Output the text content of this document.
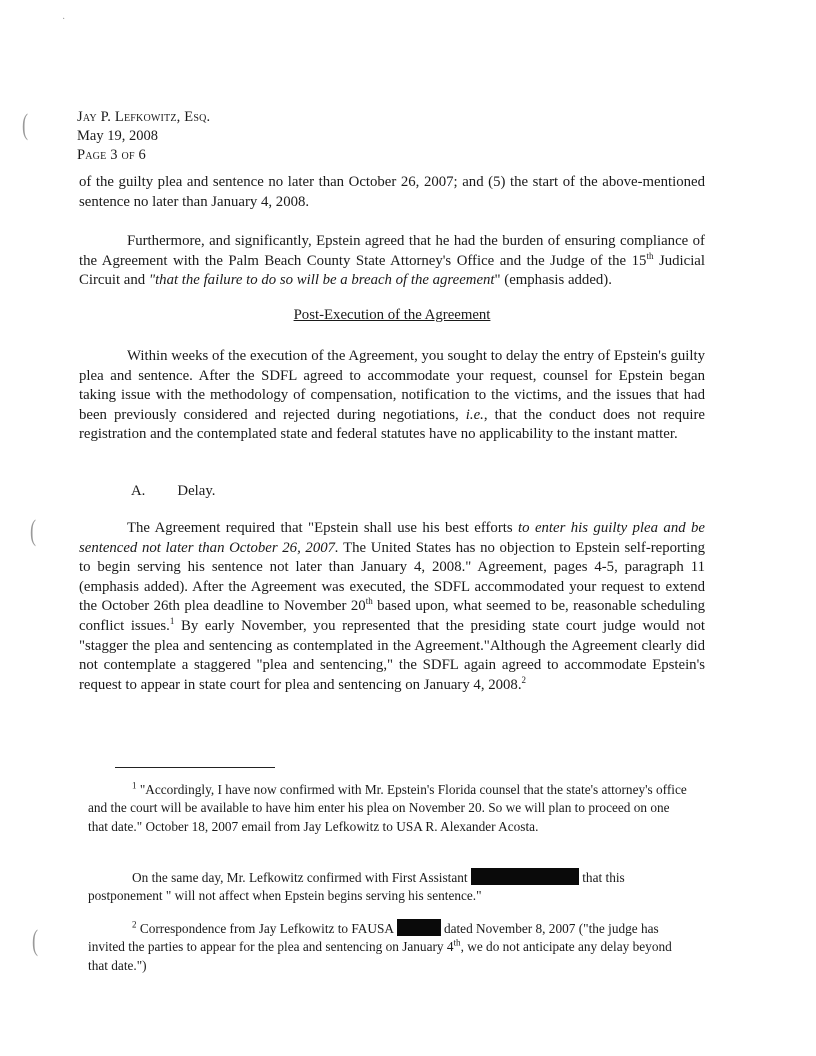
·
(
(
(
Jay P. Lefkowitz, Esq.
May 19, 2008
Page 3 of 6

of the guilty plea and sentence no later than October 26, 2007; and (5) the start of the above-mentioned sentence no later than January 4, 2008.

Furthermore, and significantly, Epstein agreed that he had the burden of ensuring compliance of the Agreement with the Palm Beach County State Attorney's Office and the Judge of the 15th Judicial Circuit and "that the failure to do so will be a breach of the agreement" (emphasis added).

Post-Execution of the Agreement

Within weeks of the execution of the Agreement, you sought to delay the entry of Epstein's guilty plea and sentence. After the SDFL agreed to accommodate your request, counsel for Epstein began taking issue with the methodology of compensation, notification to the victims, and the issues that had been previously considered and rejected during negotiations, i.e., that the conduct does not require registration and the contemplated state and federal statutes have no applicability to the instant matter.

A. Delay.

The Agreement required that "Epstein shall use his best efforts to enter his guilty plea and be sentenced not later than October 26, 2007. The United States has no objection to Epstein self-reporting to begin serving his sentence not later than January 4, 2008." Agreement, pages 4-5, paragraph 11 (emphasis added). After the Agreement was executed, the SDFL accommodated your request to extend the October 26th plea deadline to November 20th based upon, what seemed to be, reasonable scheduling conflict issues.$^1$ By early November, you represented that the presiding state court judge would not "stagger the plea and sentencing as contemplated in the Agreement."Although the Agreement clearly did not contemplate a staggered "plea and sentencing," the SDFL again agreed to accommodate Epstein's request to appear in state court for plea and sentencing on January 4, 2008.$^2$

$^1$ "Accordingly, I have now confirmed with Mr. Epstein's Florida counsel that the state's attorney's office and the court will be available to have him enter his plea on November 20. So we will plan to proceed on one that date." October 18, 2007 email from Jay Lefkowitz to USA R. Alexander Acosta.

On the same day, Mr. Lefkowitz confirmed with First Assistant	that this postponement " will not affect when Epstein begins serving his sentence."

$^2$ Correspondence from Jay Lefkowitz to FAUSA	dated November 8, 2007 ("the judge has invited the parties to appear for the plea and sentencing on January 4th, we do not anticipate any delay beyond that date.")
